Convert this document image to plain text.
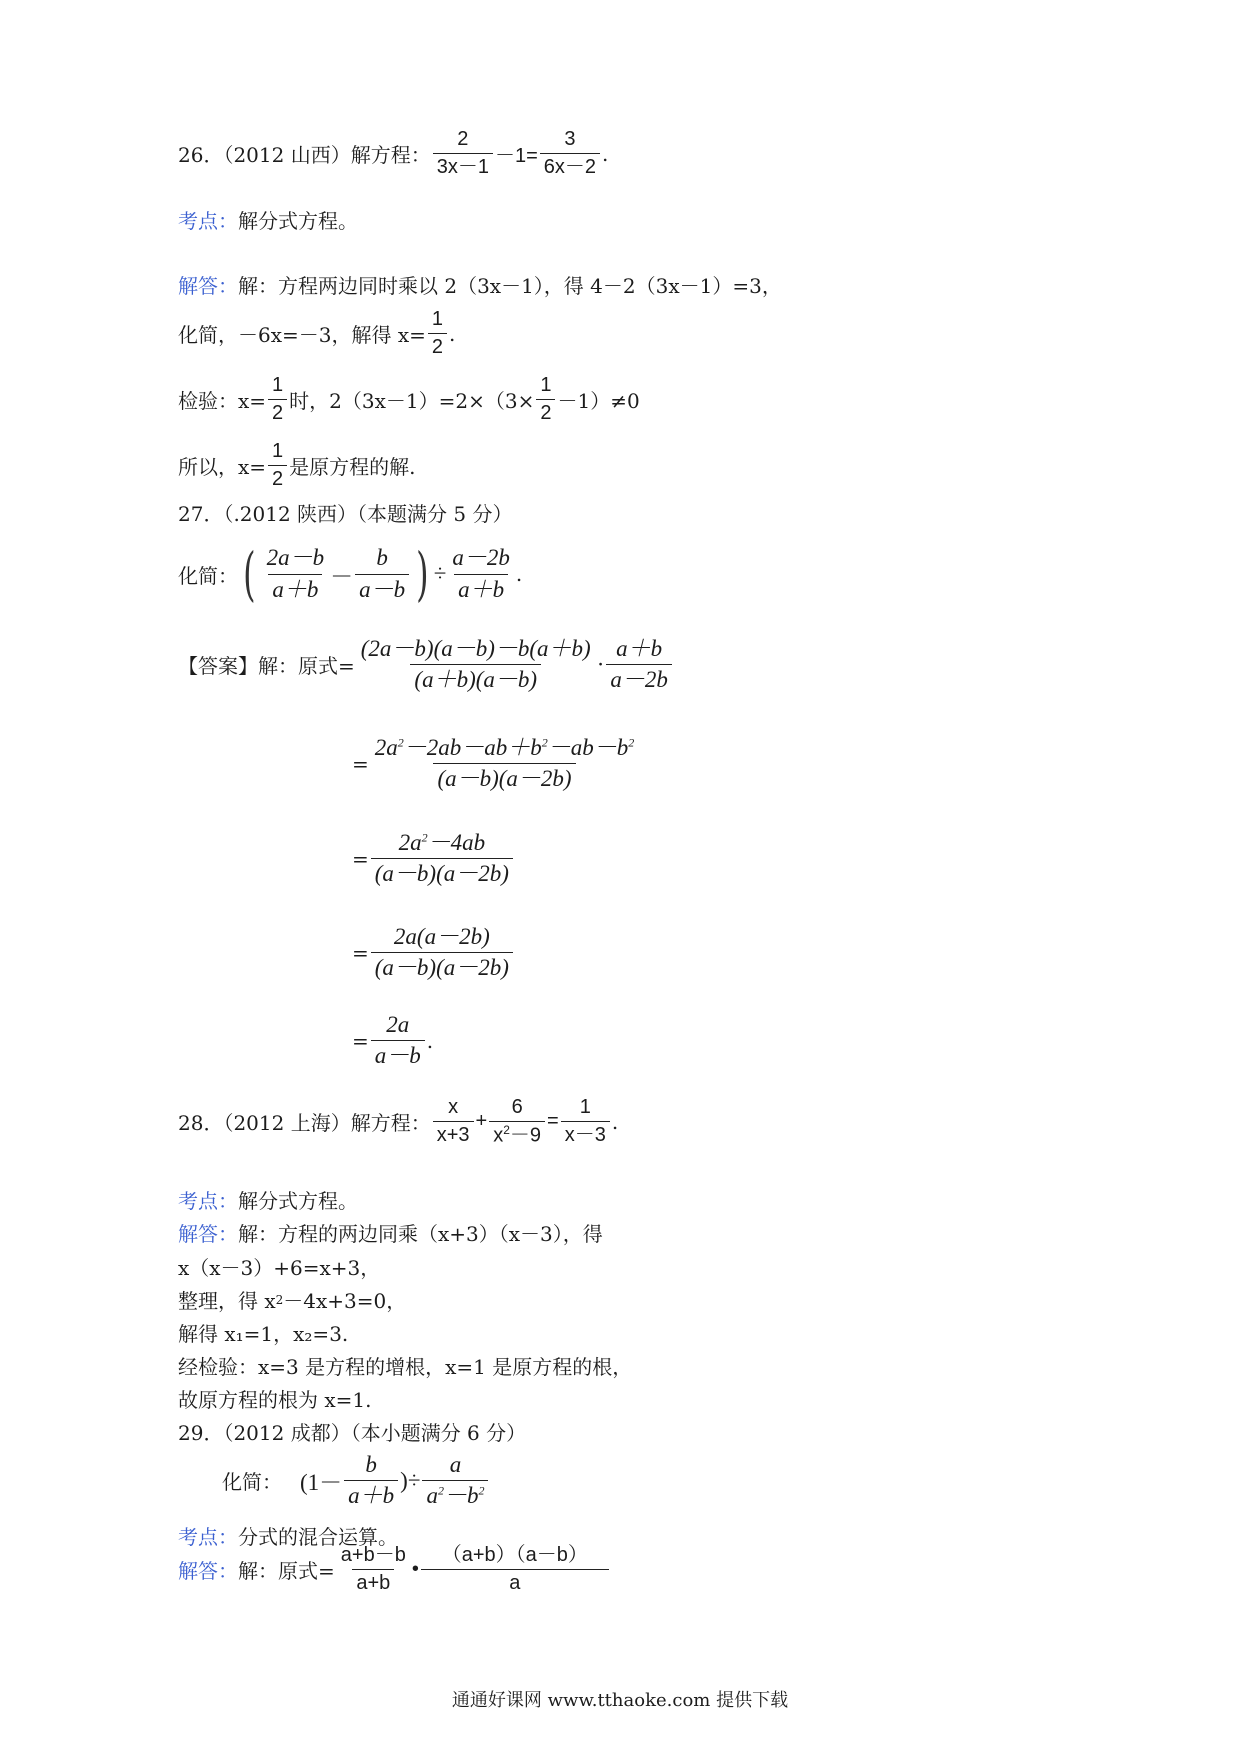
26．（2012 山西）解方程： $\frac{2}{3x-1} -1= \frac{3}{6x-2}$ .
考点： 解分式方程。
解答： 解：方程两边同时乘以 2（3x－1），得 4－2（3x－1）=3，
化简，－6x=－3，解得 $x= \frac{1}{2}$ .
检验：$x= \frac{1}{2}$ 时，$2(3x-1)=2\times(3\times \frac{1}{2} -1)\ne 0$
所以，$x= \frac{1}{2}$ 是原方程的解.
27．（.2012 陕西）（本题满分 5 分）
化简： ( $\frac{2a-b}{a+b} - \frac{b}{a-b}$ ) ÷ $\frac{a-2b}{a+b}$ .
【答案】解：原式= $\frac{(2a-b)(a-b)-b(a+b)}{(a+b)(a-b)} \cdot \frac{a+b}{a-2b}$
= $\frac{2a^2-2ab-ab+b^2-ab-b^2}{(a-b)(a-2b)}$
= $\frac{2a^2-4ab}{(a-b)(a-2b)}$
= $\frac{2a(a-2b)}{(a-b)(a-2b)}$
= $\frac{2a}{a-b}$ .
28．（2012 上海）解方程： $\frac{x}{x+3} + \frac{6}{x^2-9} = \frac{1}{x-3}$ .
考点： 解分式方程。
解答： 解：方程的两边同乘（x+3）（x－3），得
x（x－3）+6=x+3，
整理，得 x 2 －4x+3=0，
解得 x₁=1，x₂=3.
经检验：x=3 是方程的增根，x=1 是原方程的根，
故原方程的根为 x=1.
29．（2012 成都）（本小题满分 6 分）
化简： ($1- \frac{b}{a+b}$ )÷ $\frac{a}{a^2-b^2}$
考点： 分式的混合运算。
解答： 解：原式= $\frac{a+b-b}{a+b}$ • $\frac{(a+b)(a-b)}{a}$
通通好课网 www.tthaoke.com 提供下载
